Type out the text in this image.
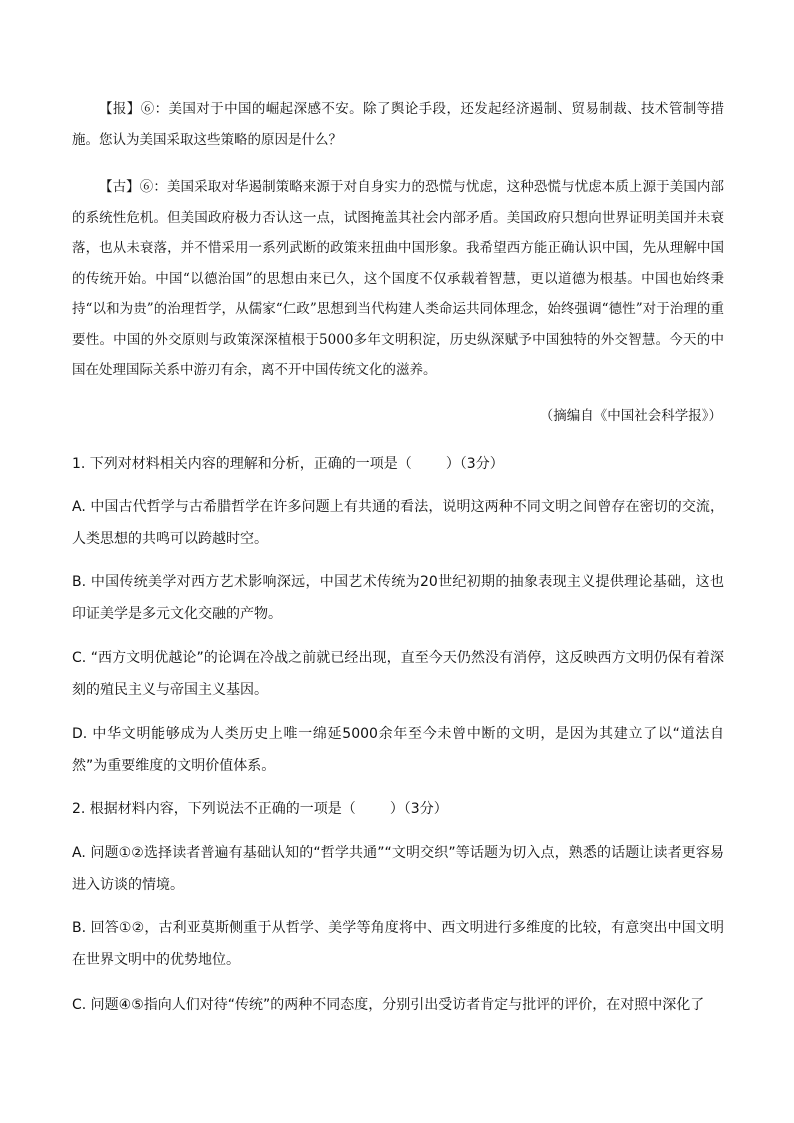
【报】⑥：美国对于中国的崛起深感不安。除了舆论手段，还发起经济遏制、贸易制裁、技术管制等措施。您认为美国采取这些策略的原因是什么？
【古】⑥：美国采取对华遏制策略来源于对自身实力的恐慌与忧虑，这种恐慌与忧虑本质上源于美国内部的系统性危机。但美国政府极力否认这一点，试图掩盖其社会内部矛盾。美国政府只想向世界证明美国并未衰落，也从未衰落，并不惜采用一系列武断的政策来扭曲中国形象。我希望西方能正确认识中国，先从理解中国的传统开始。中国“以德治国”的思想由来已久，这个国度不仅承载着智慧，更以道德为根基。中国也始终秉持“以和为贵”的治理哲学，从儒家“仁政”思想到当代构建人类命运共同体理念，始终强调“德性”对于治理的重要性。中国的外交原则与政策深深植根于5000多年文明积淀，历史纵深赋予中国独特的外交智慧。今天的中国在处理国际关系中游刃有余，离不开中国传统文化的滋养。
（摘编自《中国社会科学报》）
1. 下列对材料相关内容的理解和分析，正确的一项是（ ）（3分）
A. 中国古代哲学与古希腊哲学在许多问题上有共通的看法，说明这两种不同文明之间曾存在密切的交流，人类思想的共鸣可以跨越时空。
B. 中国传统美学对西方艺术影响深远，中国艺术传统为20世纪初期的抽象表现主义提供理论基础，这也印证美学是多元文化交融的产物。
C. “西方文明优越论”的论调在冷战之前就已经出现，直至今天仍然没有消停，这反映西方文明仍保有着深刻的殖民主义与帝国主义基因。
D. 中华文明能够成为人类历史上唯一绵延5000余年至今未曾中断的文明，是因为其建立了以“道法自然”为重要维度的文明价值体系。
2. 根据材料内容，下列说法不正确的一项是（ ）（3分）
A. 问题①②选择读者普遍有基础认知的“哲学共通”“文明交织”等话题为切入点，熟悉的话题让读者更容易进入访谈的情境。
B. 回答①②，古利亚莫斯侧重于从哲学、美学等角度将中、西文明进行多维度的比较，有意突出中国文明在世界文明中的优势地位。
C. 问题④⑤指向人们对待“传统”的两种不同态度，分别引出受访者肯定与批评的评价，在对照中深化了
